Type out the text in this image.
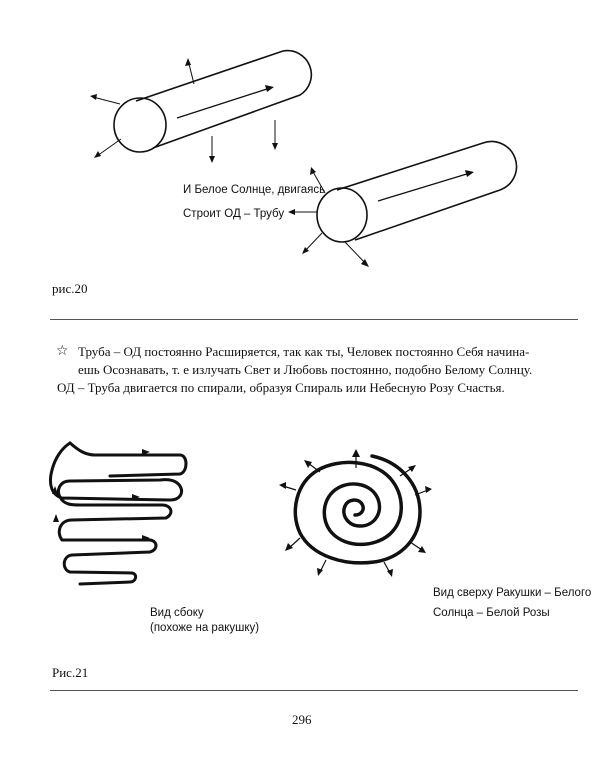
И Белое Солнце, двигаясь
Строит ОД – Трубу
рис.20
☆ Труба – ОД постоянно Расширяется, так как ты, Человек постоянно Себя начина-
ешь Осознавать, т. е излучать Свет и Любовь постоянно, подобно Белому Солнцу.
ОД – Труба двигается по спирали, образуя Спираль или Небесную Розу Счастья.
Вид сбоку
(похоже на ракушку)
Вид сверху Ракушки – Белого
Солнца – Белой Розы
Рис.21
296
